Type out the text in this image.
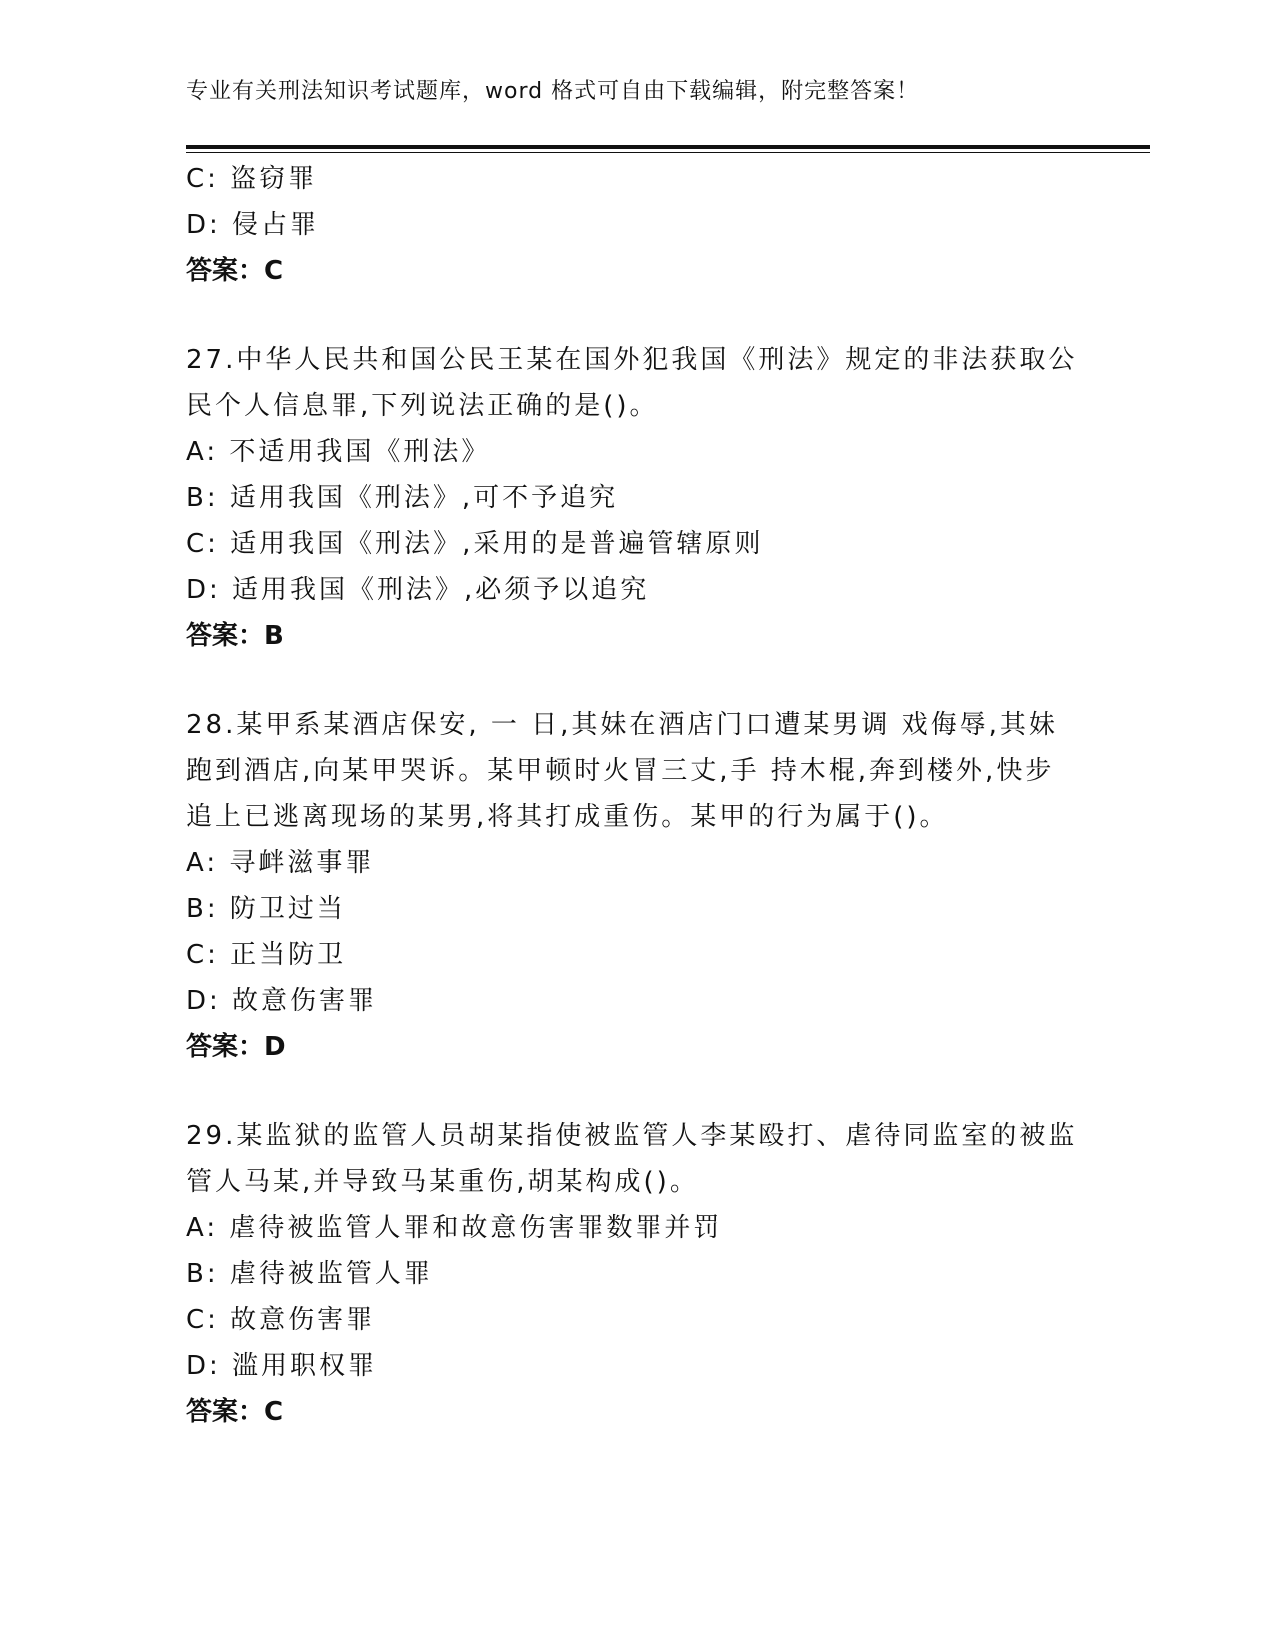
专业有关刑法知识考试题库，word 格式可自由下载编辑，附完整答案！
C: 盗窃罪
D: 侵占罪
答案：C
27.中华人民共和国公民王某在国外犯我国《刑法》规定的非法获取公
民个人信息罪,下列说法正确的是()。
A: 不适用我国《刑法》
B: 适用我国《刑法》,可不予追究
C: 适用我国《刑法》,采用的是普遍管辖原则
D: 适用我国《刑法》,必须予以追究
答案：B
28.某甲系某酒店保安, 一 日,其妹在酒店门口遭某男调 戏侮辱,其妹
跑到酒店,向某甲哭诉。某甲顿时火冒三丈,手 持木棍,奔到楼外,快步
追上已逃离现场的某男,将其打成重伤。某甲的行为属于()。
A: 寻衅滋事罪
B: 防卫过当
C: 正当防卫
D: 故意伤害罪
答案：D
29.某监狱的监管人员胡某指使被监管人李某殴打、虐待同监室的被监
管人马某,并导致马某重伤,胡某构成()。
A: 虐待被监管人罪和故意伤害罪数罪并罚
B: 虐待被监管人罪
C: 故意伤害罪
D: 滥用职权罪
答案：C
